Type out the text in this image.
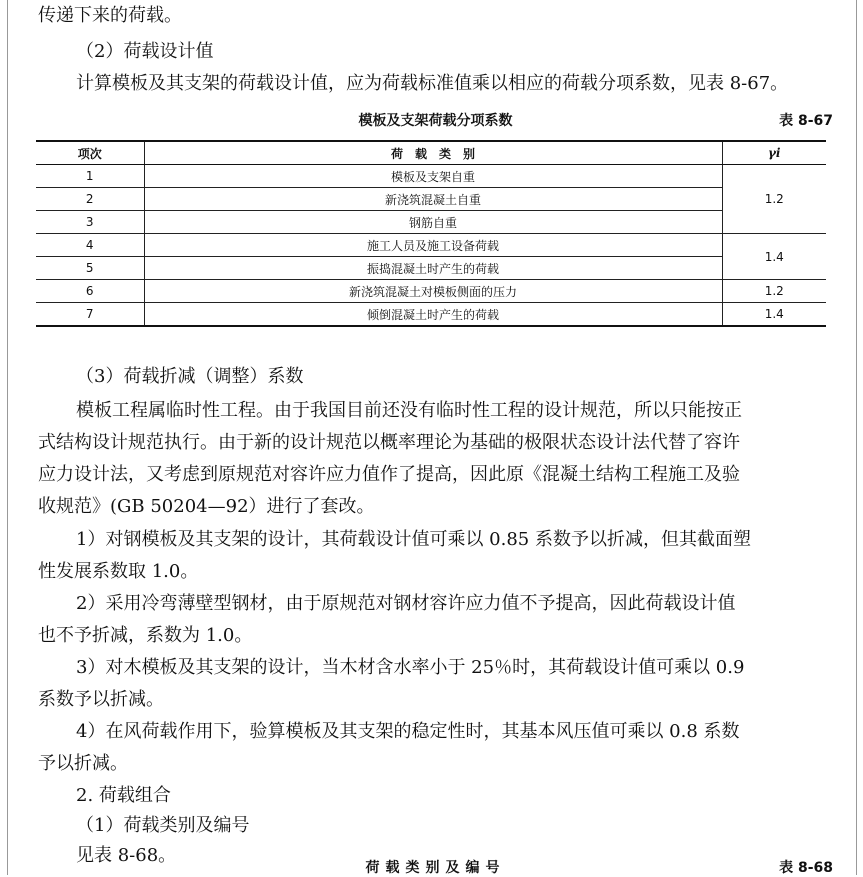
传递下来的荷载。
（2）荷载设计值
计算模板及其支架的荷载设计值，应为荷载标准值乘以相应的荷载分项系数，见表 8-67。
模板及支架荷载分项系数	表 8-67
项次	荷　载　类　别	γi
1	模板及支架自重	1.2
2	新浇筑混凝土自重	
3	钢筋自重	
4	施工人员及施工设备荷载	1.4
5	振捣混凝土时产生的荷载	
6	新浇筑混凝土对模板侧面的压力	1.2
7	倾倒混凝土时产生的荷载	1.4
（3）荷载折减（调整）系数
模板工程属临时性工程。由于我国目前还没有临时性工程的设计规范，所以只能按正
式结构设计规范执行。由于新的设计规范以概率理论为基础的极限状态设计法代替了容许
应力设计法，又考虑到原规范对容许应力值作了提高，因此原《混凝土结构工程施工及验
收规范》(GB 50204—92）进行了套改。
1）对钢模板及其支架的设计，其荷载设计值可乘以 0.85 系数予以折减，但其截面塑
性发展系数取 1.0。
2）采用冷弯薄壁型钢材，由于原规范对钢材容许应力值不予提高，因此荷载设计值
也不予折减，系数为 1.0。
3）对木模板及其支架的设计，当木材含水率小于 25％时，其荷载设计值可乘以 0.9
系数予以折减。
4）在风荷载作用下，验算模板及其支架的稳定性时，其基本风压值可乘以 0.8 系数
予以折减。
2. 荷载组合
（1）荷载类别及编号
见表 8-68。
荷载类别及编号	表 8-68
